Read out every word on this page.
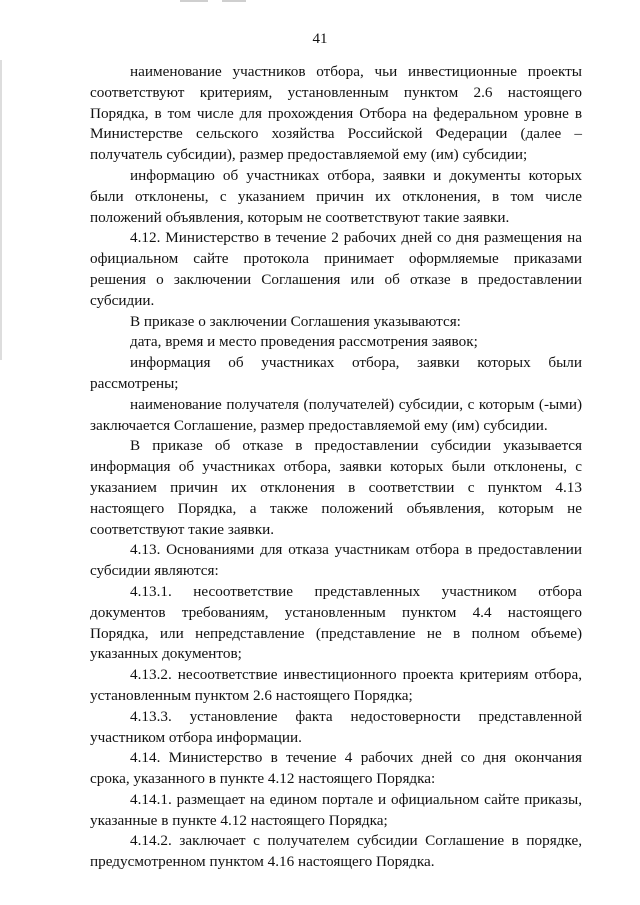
41

наименование участников отбора, чьи инвестиционные проекты соответствуют критериям, установленным пунктом 2.6 настоящего Порядка, в том числе для прохождения Отбора на федеральном уровне в Министерстве сельского хозяйства Российской Федерации (далее – получатель субсидии), размер предоставляемой ему (им) субсидии;

информацию об участниках отбора, заявки и документы которых были отклонены, с указанием причин их отклонения, в том числе положений объявления, которым не соответствуют такие заявки.

4.12. Министерство в течение 2 рабочих дней со дня размещения на официальном сайте протокола принимает оформляемые приказами решения о заключении Соглашения или об отказе в предоставлении субсидии.

В приказе о заключении Соглашения указываются:

дата, время и место проведения рассмотрения заявок;

информация об участниках отбора, заявки которых были рассмотрены;

наименование получателя (получателей) субсидии, с которым (-ыми) заключается Соглашение, размер предоставляемой ему (им) субсидии.

В приказе об отказе в предоставлении субсидии указывается информация об участниках отбора, заявки которых были отклонены, с указанием причин их отклонения в соответствии с пунктом 4.13 настоящего Порядка, а также положений объявления, которым не соответствуют такие заявки.

4.13. Основаниями для отказа участникам отбора в предоставлении субсидии являются:

4.13.1. несоответствие представленных участником отбора документов требованиям, установленным пунктом 4.4 настоящего Порядка, или непредставление (представление не в полном объеме) указанных документов;

4.13.2. несоответствие инвестиционного проекта критериям отбора, установленным пунктом 2.6 настоящего Порядка;

4.13.3. установление факта недостоверности представленной участником отбора информации.

4.14. Министерство в течение 4 рабочих дней со дня окончания срока, указанного в пункте 4.12 настоящего Порядка:

4.14.1. размещает на едином портале и официальном сайте приказы, указанные в пункте 4.12 настоящего Порядка;

4.14.2. заключает с получателем субсидии Соглашение в порядке, предусмотренном пунктом 4.16 настоящего Порядка.
